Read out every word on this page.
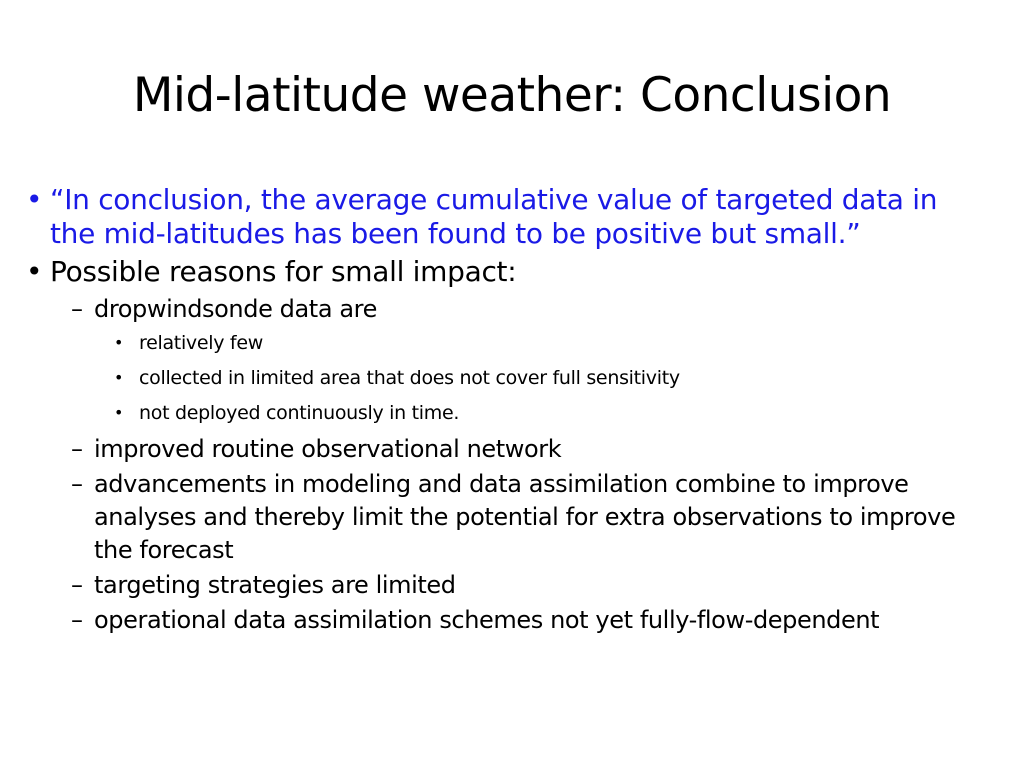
Mid-latitude weather: Conclusion
• “In conclusion, the average cumulative value of targeted data in the mid-latitudes has been found to be positive but small.”
• Possible reasons for small impact:
– dropwindsonde data are
• relatively few
• collected in limited area that does not cover full sensitivity
• not deployed continuously in time.
– improved routine observational network
– advancements in modeling and data assimilation combine to improve analyses and thereby limit the potential for extra observations to improve the forecast
– targeting strategies are limited
– operational data assimilation schemes not yet fully-flow-dependent
